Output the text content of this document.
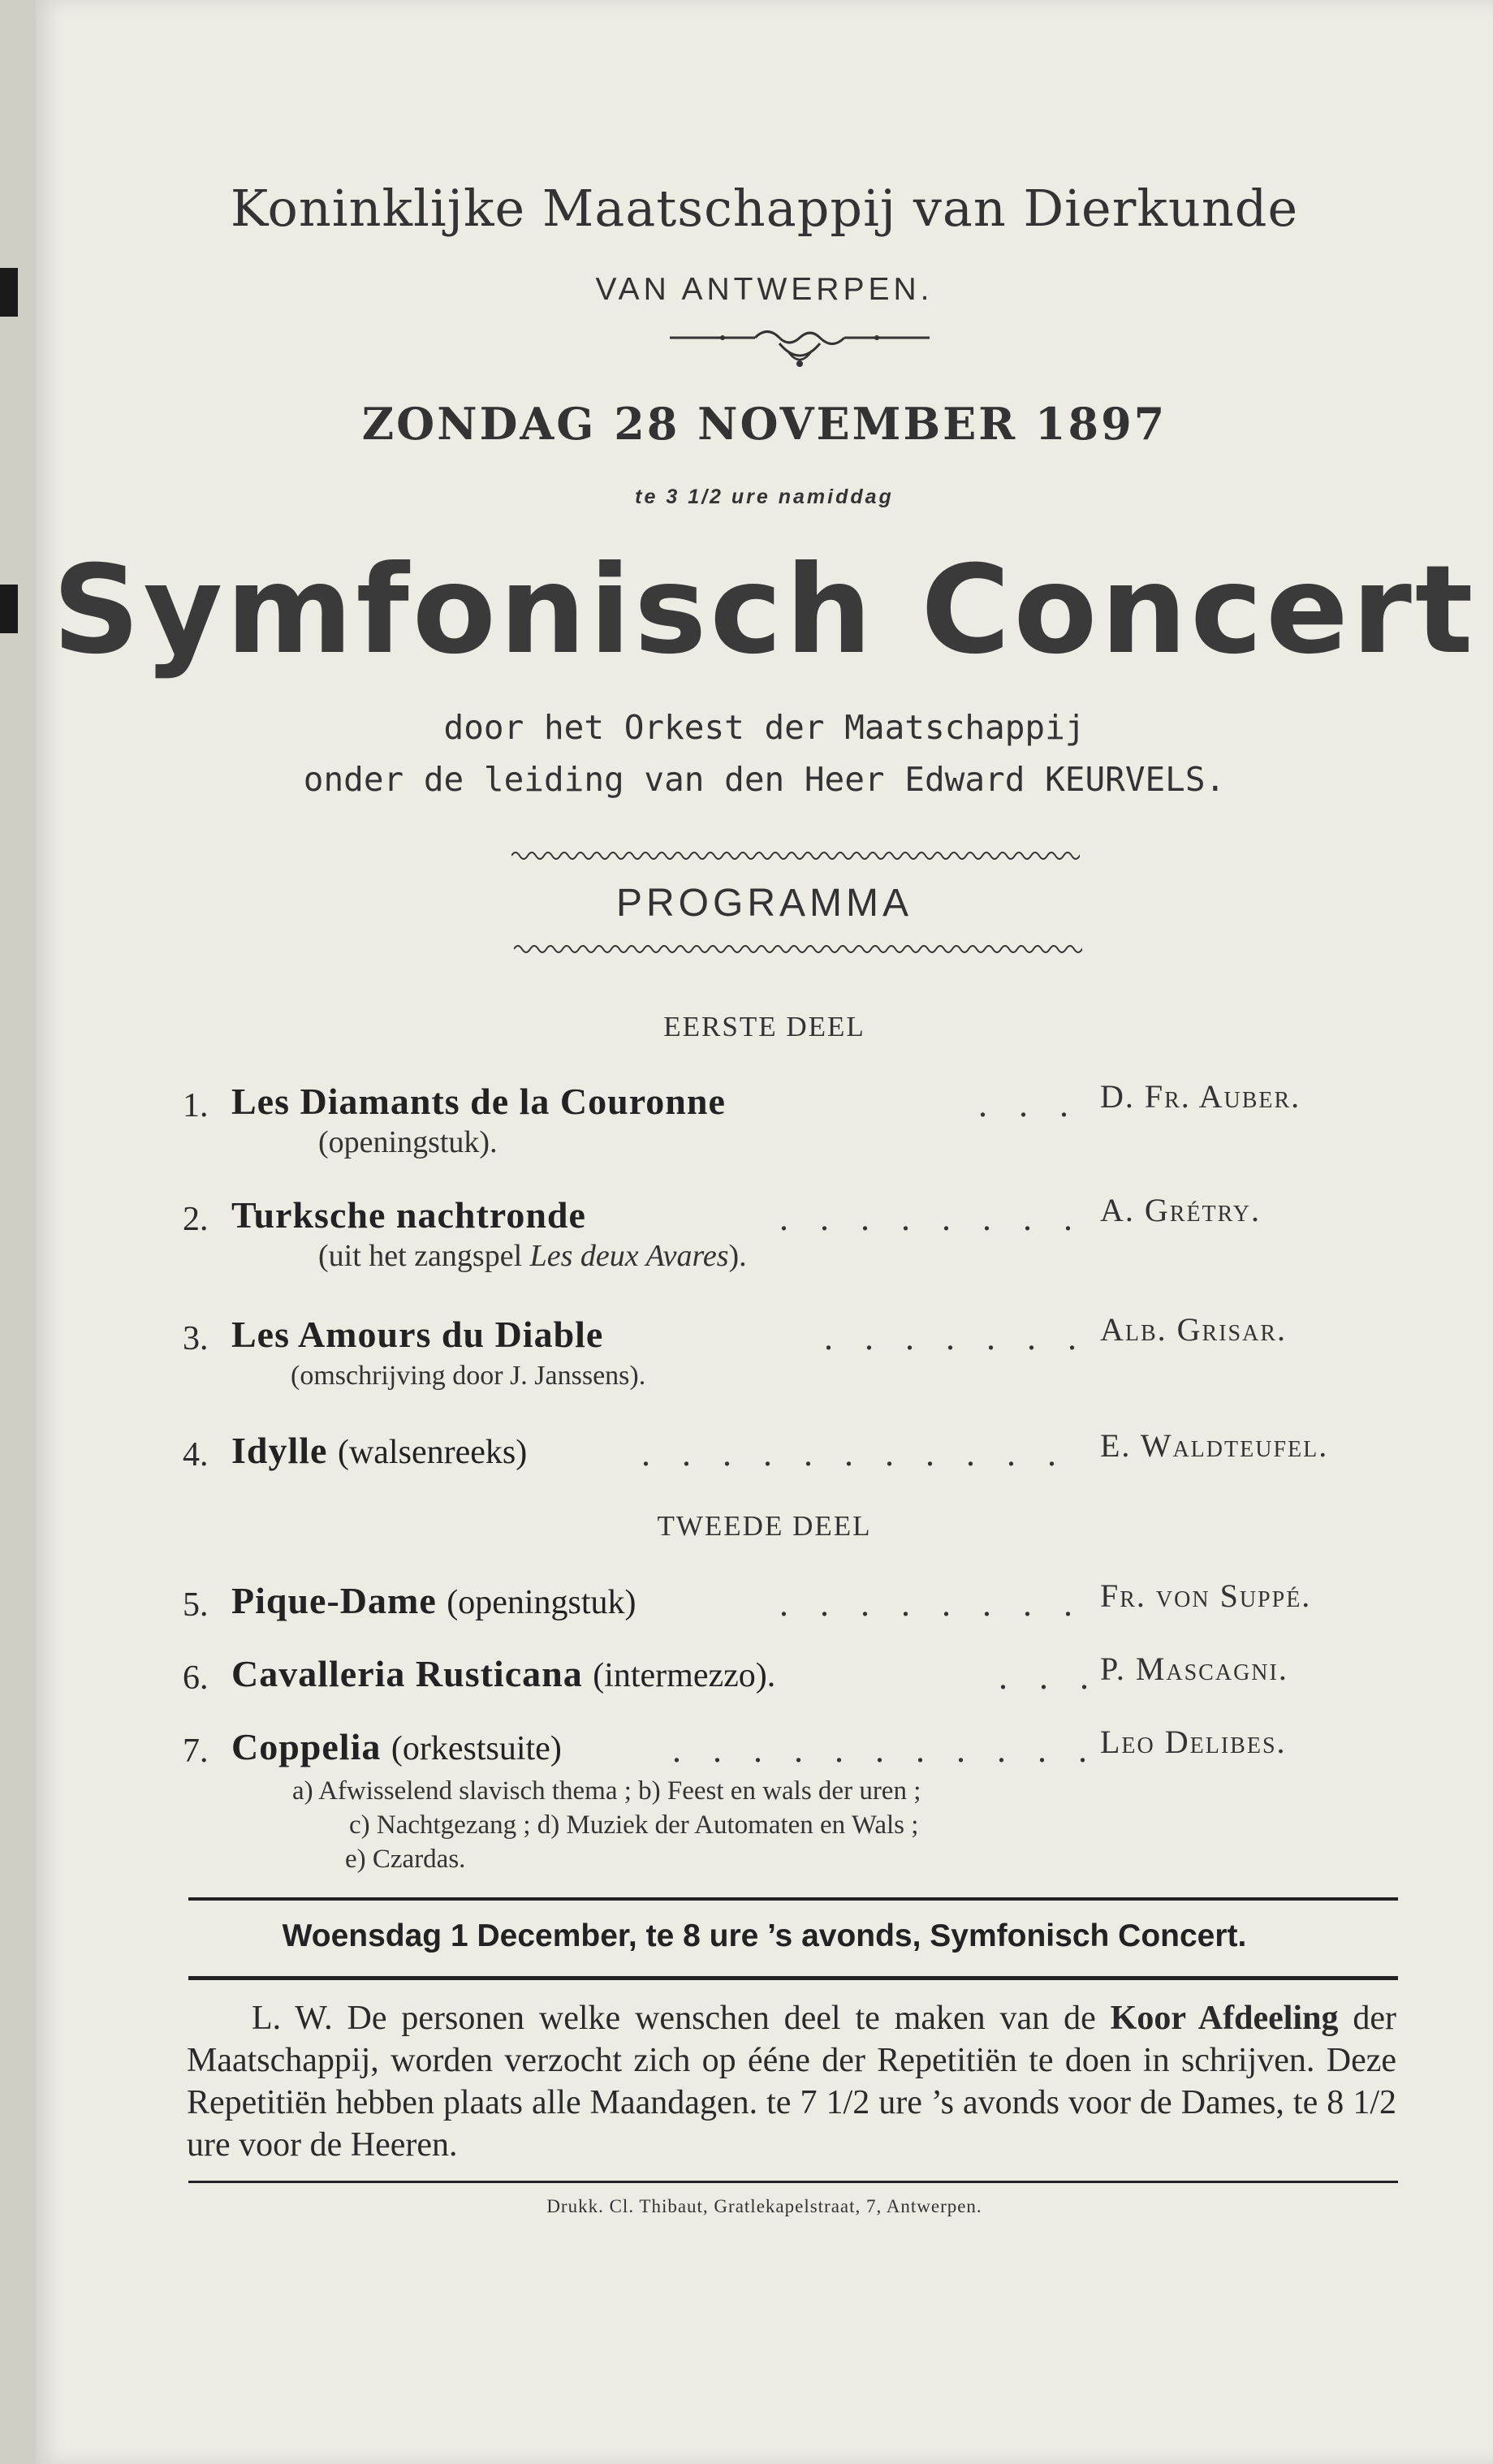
Koninklijke Maatschappij van Dierkunde
VAN ANTWERPEN.
ZONDAG 28 NOVEMBER 1897
te 3 1/2 ure namiddag
Symfonisch Concert
door het Orkest der Maatschappij
onder de leiding van den Heer Edward KEURVELS.
PROGRAMMA
EERSTE DEEL
1. Les Diamants de la Couronne	. . . D. Fr. Auber.
(openingstuk).
2. Turksche nachtronde	. . . . . . . . A. Grétry.
(uit het zangspel Les deux Avares).
3. Les Amours du Diable	. . . . . . . Alb. Grisar.
(omschrijving door J. Janssens).
4. Idylle (walsenreeks)	. . . . . . . . . . . E. Waldteufel.
TWEEDE DEEL
5. Pique-Dame (openingstuk)	. . . . . . . . Fr. von Suppé.
6. Cavalleria Rusticana (intermezzo).	. . . P. Mascagni.
7. Coppelia (orkestsuite)	. . . . . . . . . . . Leo Delibes.
a) Afwisselend slavisch thema ; b) Feest en wals der uren ;
c) Nachtgezang ; d) Muziek der Automaten en Wals ;
e) Czardas.
Woensdag 1 December, te 8 ure ’s avonds, Symfonisch Concert.

L. W. De personen welke wenschen deel te maken van de Koor Afdeeling der Maatschappij, worden verzocht zich op ééne der Repetitiën te doen in schrijven. Deze Repetitiën hebben plaats alle Maandagen. te 7 1/2 ure ’s avonds voor de Dames, te 8 1/2 ure voor de Heeren.

Drukk. Cl. Thibaut, Gratlekapelstraat, 7, Antwerpen.
